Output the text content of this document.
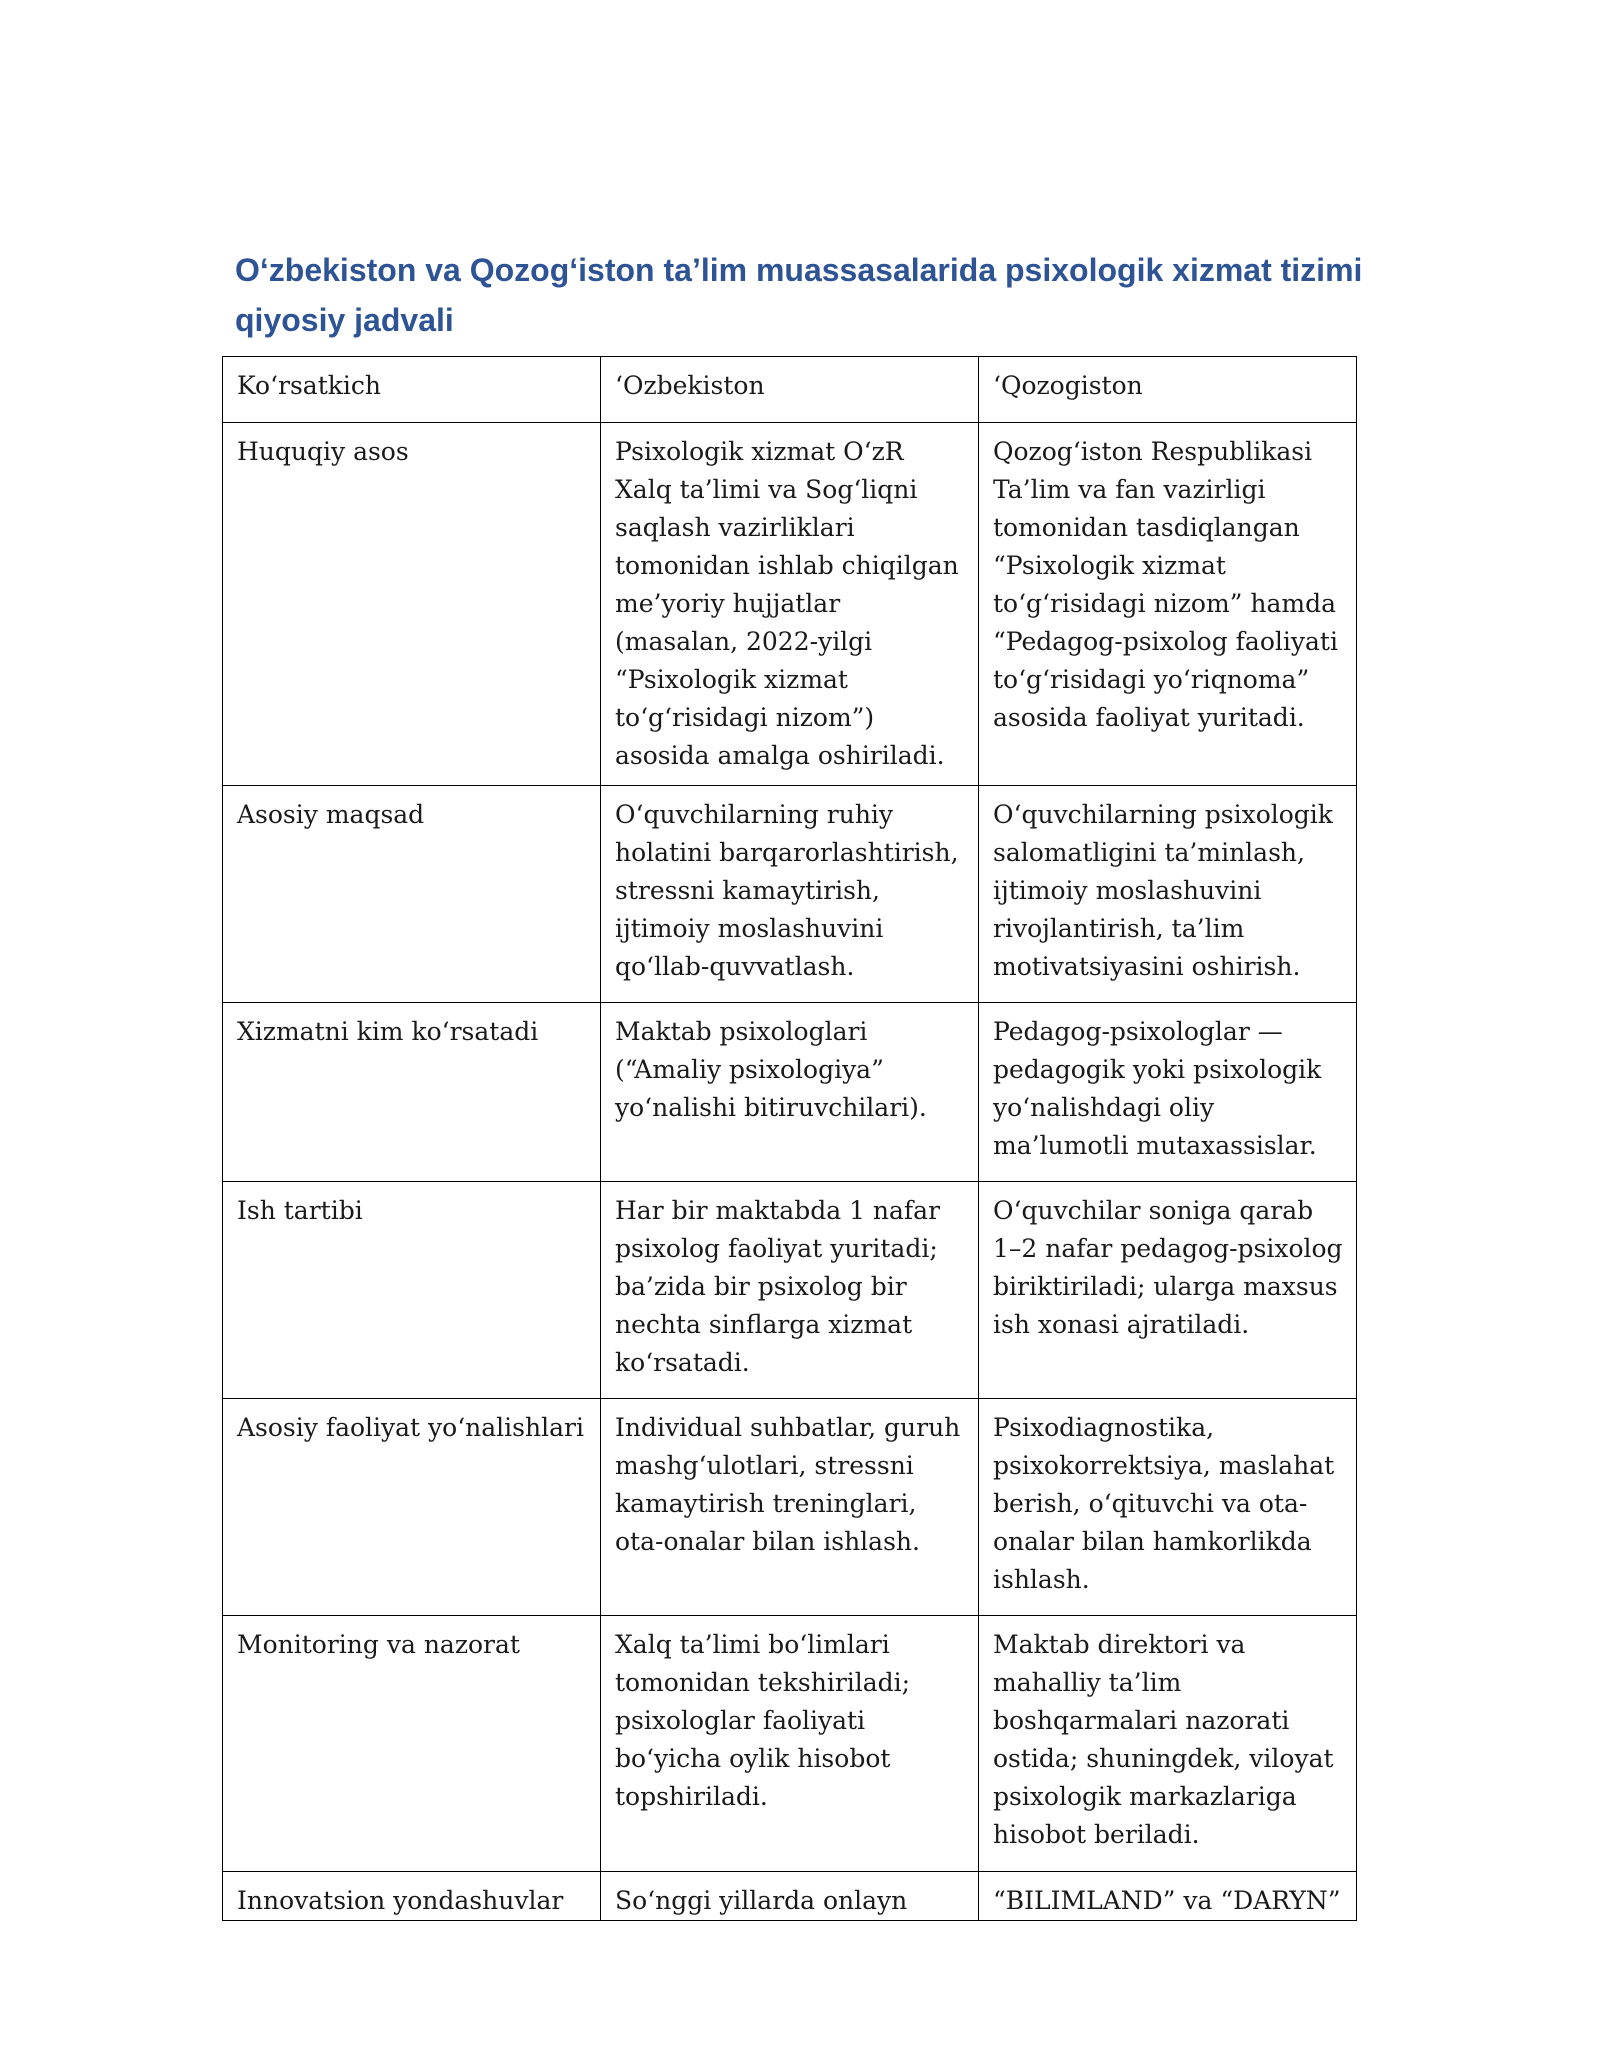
O‘zbekiston va Qozog‘iston ta’lim muassasalarida psixologik xizmat tizimi qiyosiy jadvali
Ko‘rsatkich	‘Ozbekiston	‘Qozogiston
Huquqiy asos	Psixologik xizmat O‘zR Xalq ta’limi va Sog‘liqni saqlash vazirliklari tomonidan ishlab chiqilgan me’yoriy hujjatlar (masalan, 2022-yilgi “Psixologik xizmat to‘g‘risidagi nizom”) asosida amalga oshiriladi.	Qozog‘iston Respublikasi Ta’lim va fan vazirligi tomonidan tasdiqlangan “Psixologik xizmat to‘g‘risidagi nizom” hamda “Pedagog-psixolog faoliyati to‘g‘risidagi yo‘riqnoma” asosida faoliyat yuritadi.
Asosiy maqsad	O‘quvchilarning ruhiy holatini barqarorlashtirish, stressni kamaytirish, ijtimoiy moslashuvini qo‘llab-quvvatlash.	O‘quvchilarning psixologik salomatligini ta’minlash, ijtimoiy moslashuvini rivojlantirish, ta’lim motivatsiyasini oshirish.
Xizmatni kim ko‘rsatadi	Maktab psixologlari (“Amaliy psixologiya” yo‘nalishi bitiruvchilari).	Pedagog-psixologlar — pedagogik yoki psixologik yo‘nalishdagi oliy ma’lumotli mutaxassislar.
Ish tartibi	Har bir maktabda 1 nafar psixolog faoliyat yuritadi; ba’zida bir psixolog bir nechta sinflarga xizmat ko‘rsatadi.	O‘quvchilar soniga qarab 1–2 nafar pedagog-psixolog biriktiriladi; ularga maxsus ish xonasi ajratiladi.
Asosiy faoliyat yo‘nalishlari	Individual suhbatlar, guruh mashg‘ulotlari, stressni kamaytirish treninglari, ota-onalar bilan ishlash.	Psixodiagnostika, psixokorrektsiya, maslahat berish, o‘qituvchi va ota-onalar bilan hamkorlikda ishlash.
Monitoring va nazorat	Xalq ta’limi bo‘limlari tomonidan tekshiriladi; psixologlar faoliyati bo‘yicha oylik hisobot topshiriladi.	Maktab direktori va mahalliy ta’lim boshqarmalari nazorati ostida; shuningdek, viloyat psixologik markazlariga hisobot beriladi.
Innovatsion yondashuvlar	So‘nggi yillarda onlayn	“BILIMLAND” va “DARYN”
